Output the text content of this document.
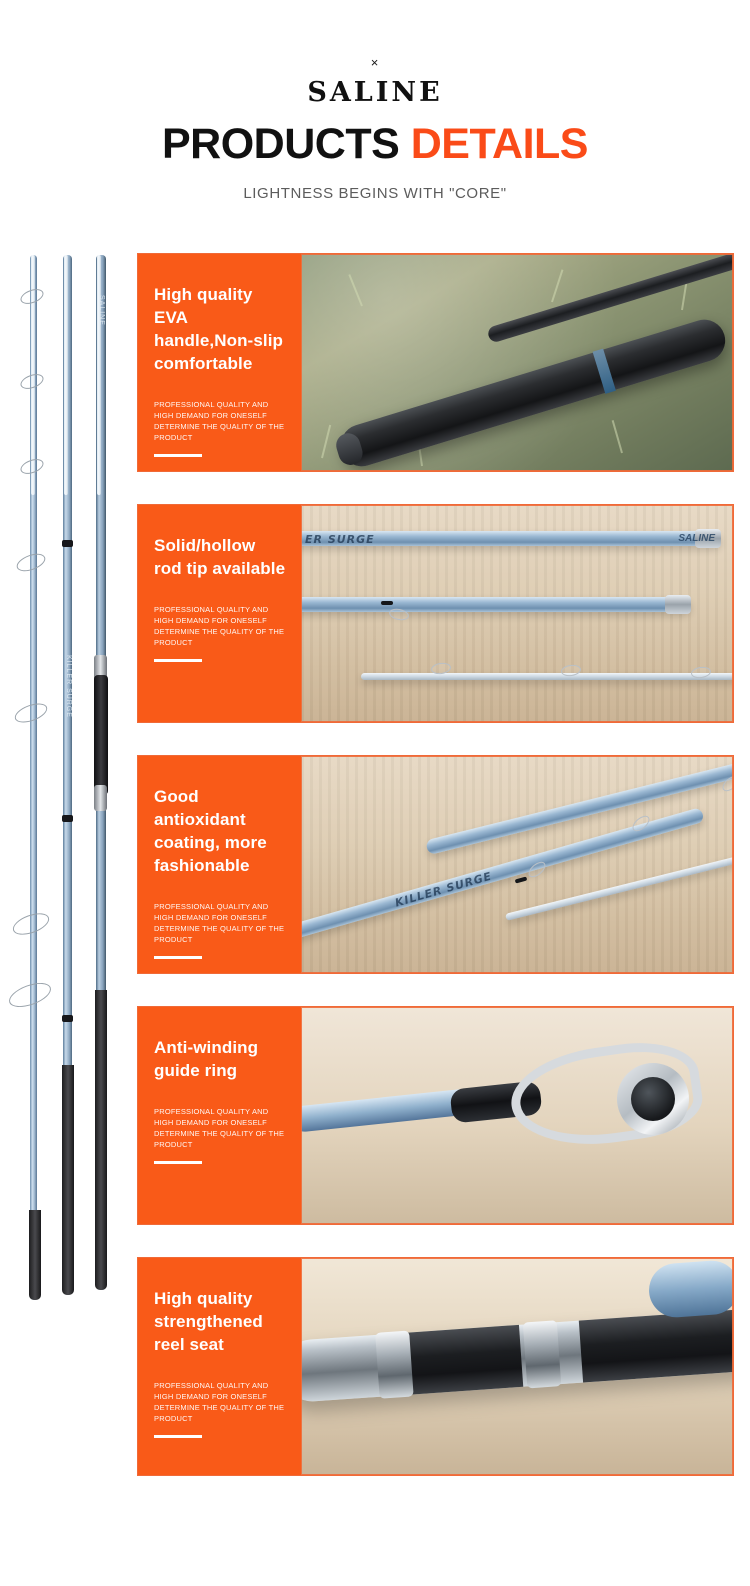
×
SALINE
PRODUCTS DETAILS
LIGHTNESS BEGINS WITH "CORE"
KILLER SURGE
SALINE
High quality EVA handle,Non-slip comfortable
PROFESSIONAL QUALITY AND HIGH DEMAND FOR ONESELF DETERMINE THE QUALITY OF THE PRODUCT
Solid/hollow rod tip available
PROFESSIONAL QUALITY AND HIGH DEMAND FOR ONESELF DETERMINE THE QUALITY OF THE PRODUCT
ER SURGE	SALINE
Good antioxidant coating, more fashionable
PROFESSIONAL QUALITY AND HIGH DEMAND FOR ONESELF DETERMINE THE QUALITY OF THE PRODUCT
KILLER SURGE
Anti-winding guide ring
PROFESSIONAL QUALITY AND HIGH DEMAND FOR ONESELF DETERMINE THE QUALITY OF THE PRODUCT
High quality strengthened reel seat
PROFESSIONAL QUALITY AND HIGH DEMAND FOR ONESELF DETERMINE THE QUALITY OF THE PRODUCT
